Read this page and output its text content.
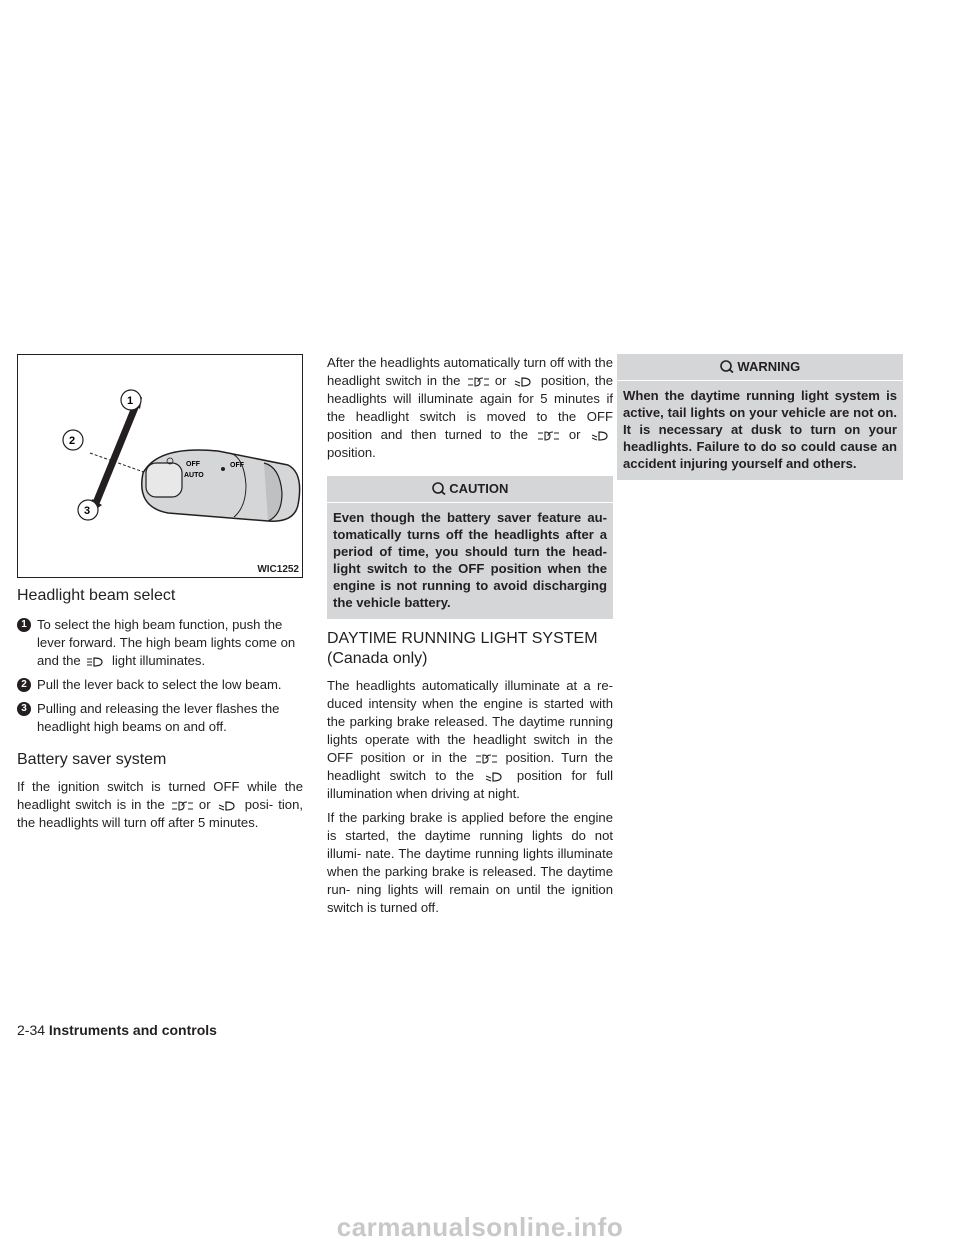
1
2
3
OFF
AUTO
OFF
WIC1252
Headlight beam select
1 To select the high beam function, push the lever forward. The high beam lights come on and the light illuminates.
2 Pull the lever back to select the low beam.
3 Pulling and releasing the lever flashes the headlight high beams on and off.
Battery saver system

If the ignition switch is turned OFF while the headlight switch is in the	or	posi- tion, the headlights will turn off after 5 minutes.

After the headlights automatically turn off with the headlight switch in the	or	position, the headlights will illuminate again for 5 minutes if the headlight switch is moved to the OFF position and then turned to the	or  position.

CAUTION
Even though the battery saver feature au- tomatically turns off the headlights after a period of time, you should turn the head- light switch to the OFF position when the engine is not running to avoid discharging the vehicle battery.
DAYTIME RUNNING LIGHT SYSTEM
(Canada only)

The headlights automatically illuminate at a re- duced intensity when the engine is started with the parking brake released. The daytime running lights operate with the headlight switch in the OFF position or in the	position. Turn the headlight switch to the	position for full illumination when driving at night.

If the parking brake is applied before the engine is started, the daytime running lights do not illumi- nate. The daytime running lights illuminate when the parking brake is released. The daytime run- ning lights will remain on until the ignition switch is turned off.

WARNING
When the daytime running light system is active, tail lights on your vehicle are not on. It is necessary at dusk to turn on your headlights. Failure to do so could cause an accident injuring yourself and others.
2-34 Instruments and controls
carmanualsonline.info
